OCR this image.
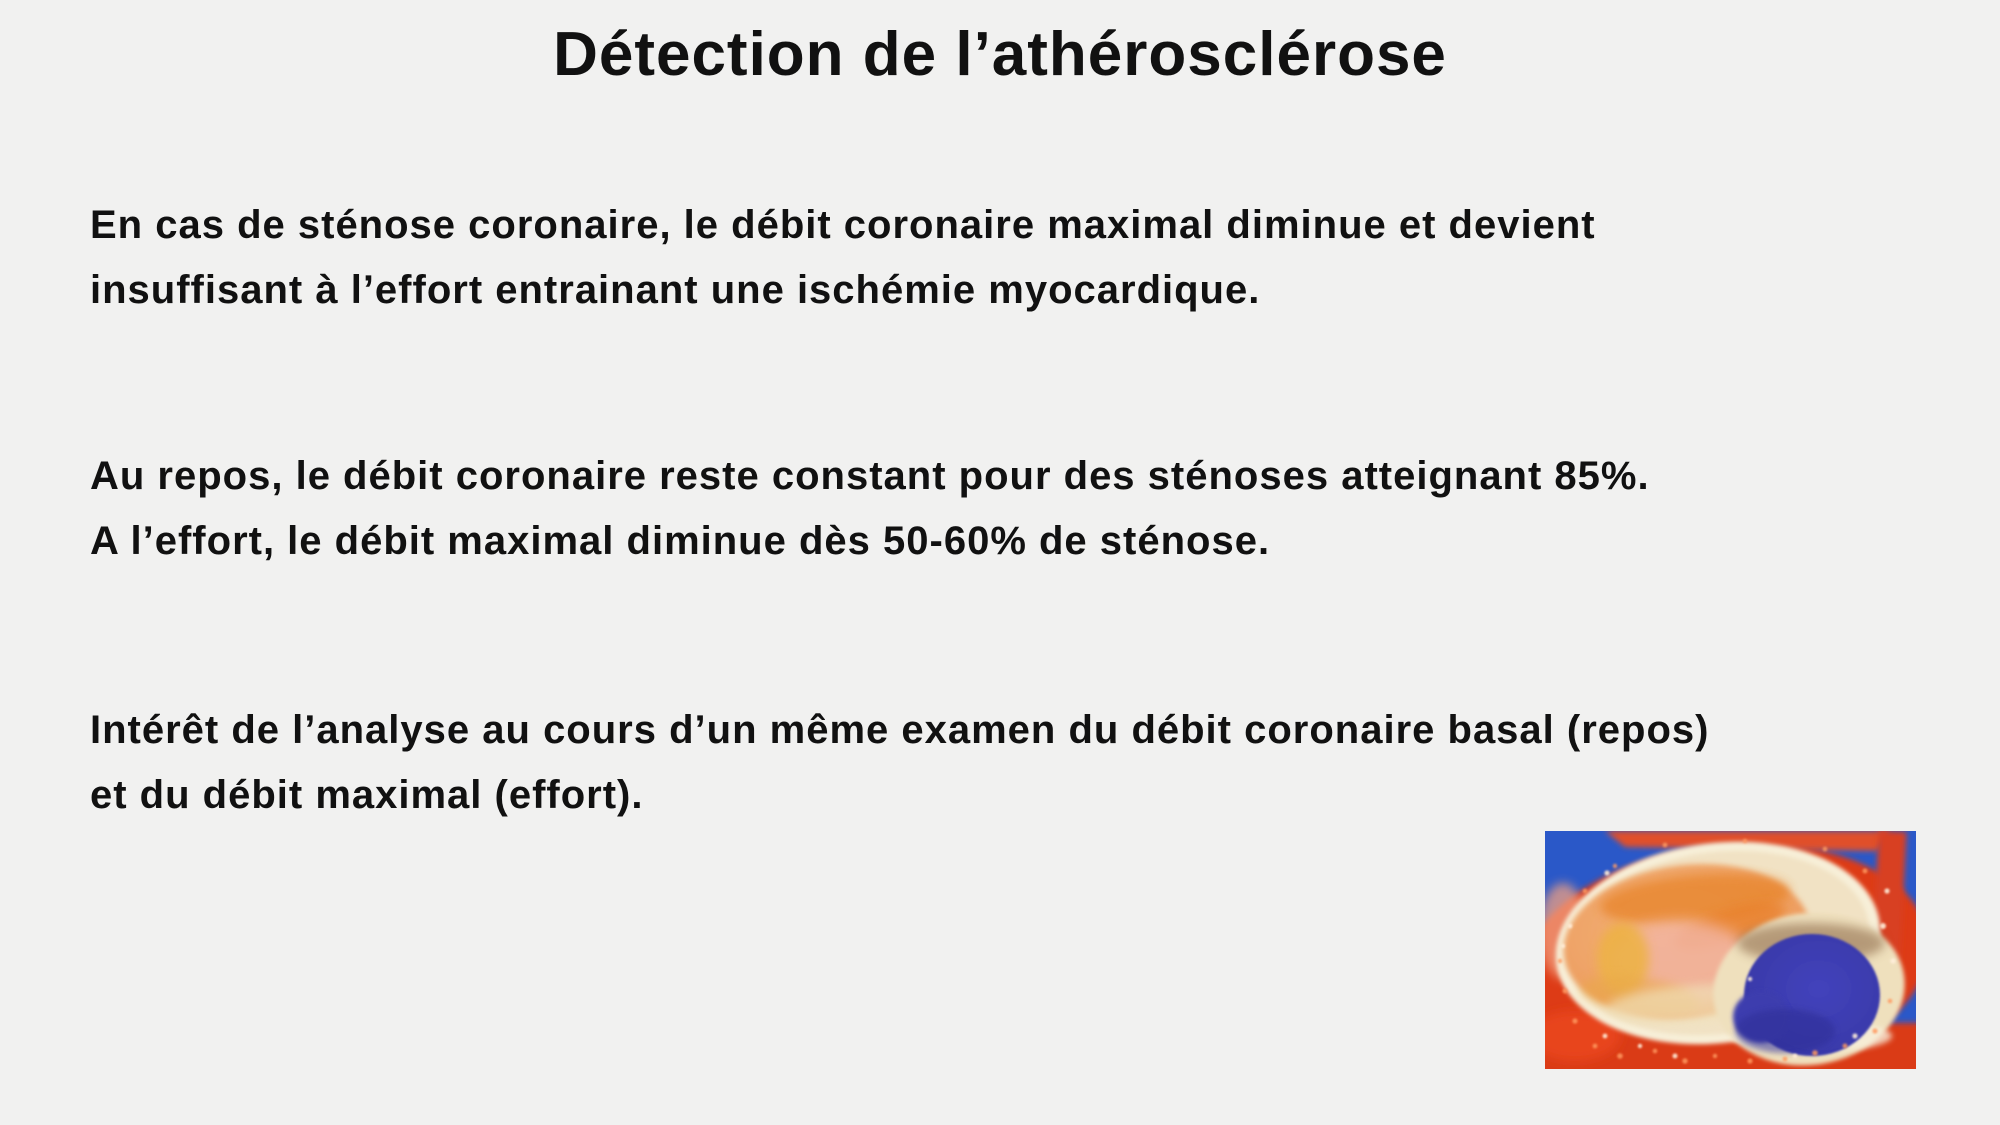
Détection de l’athérosclérose
En cas de sténose coronaire, le débit coronaire maximal diminue et devient
insuffisant à l’effort entrainant une ischémie myocardique.
Au repos, le débit coronaire reste constant pour des sténoses atteignant 85%.
A l’effort, le débit maximal diminue dès 50-60% de sténose.
Intérêt de l’analyse au cours d’un même examen du débit coronaire basal (repos)
et du débit maximal (effort).
